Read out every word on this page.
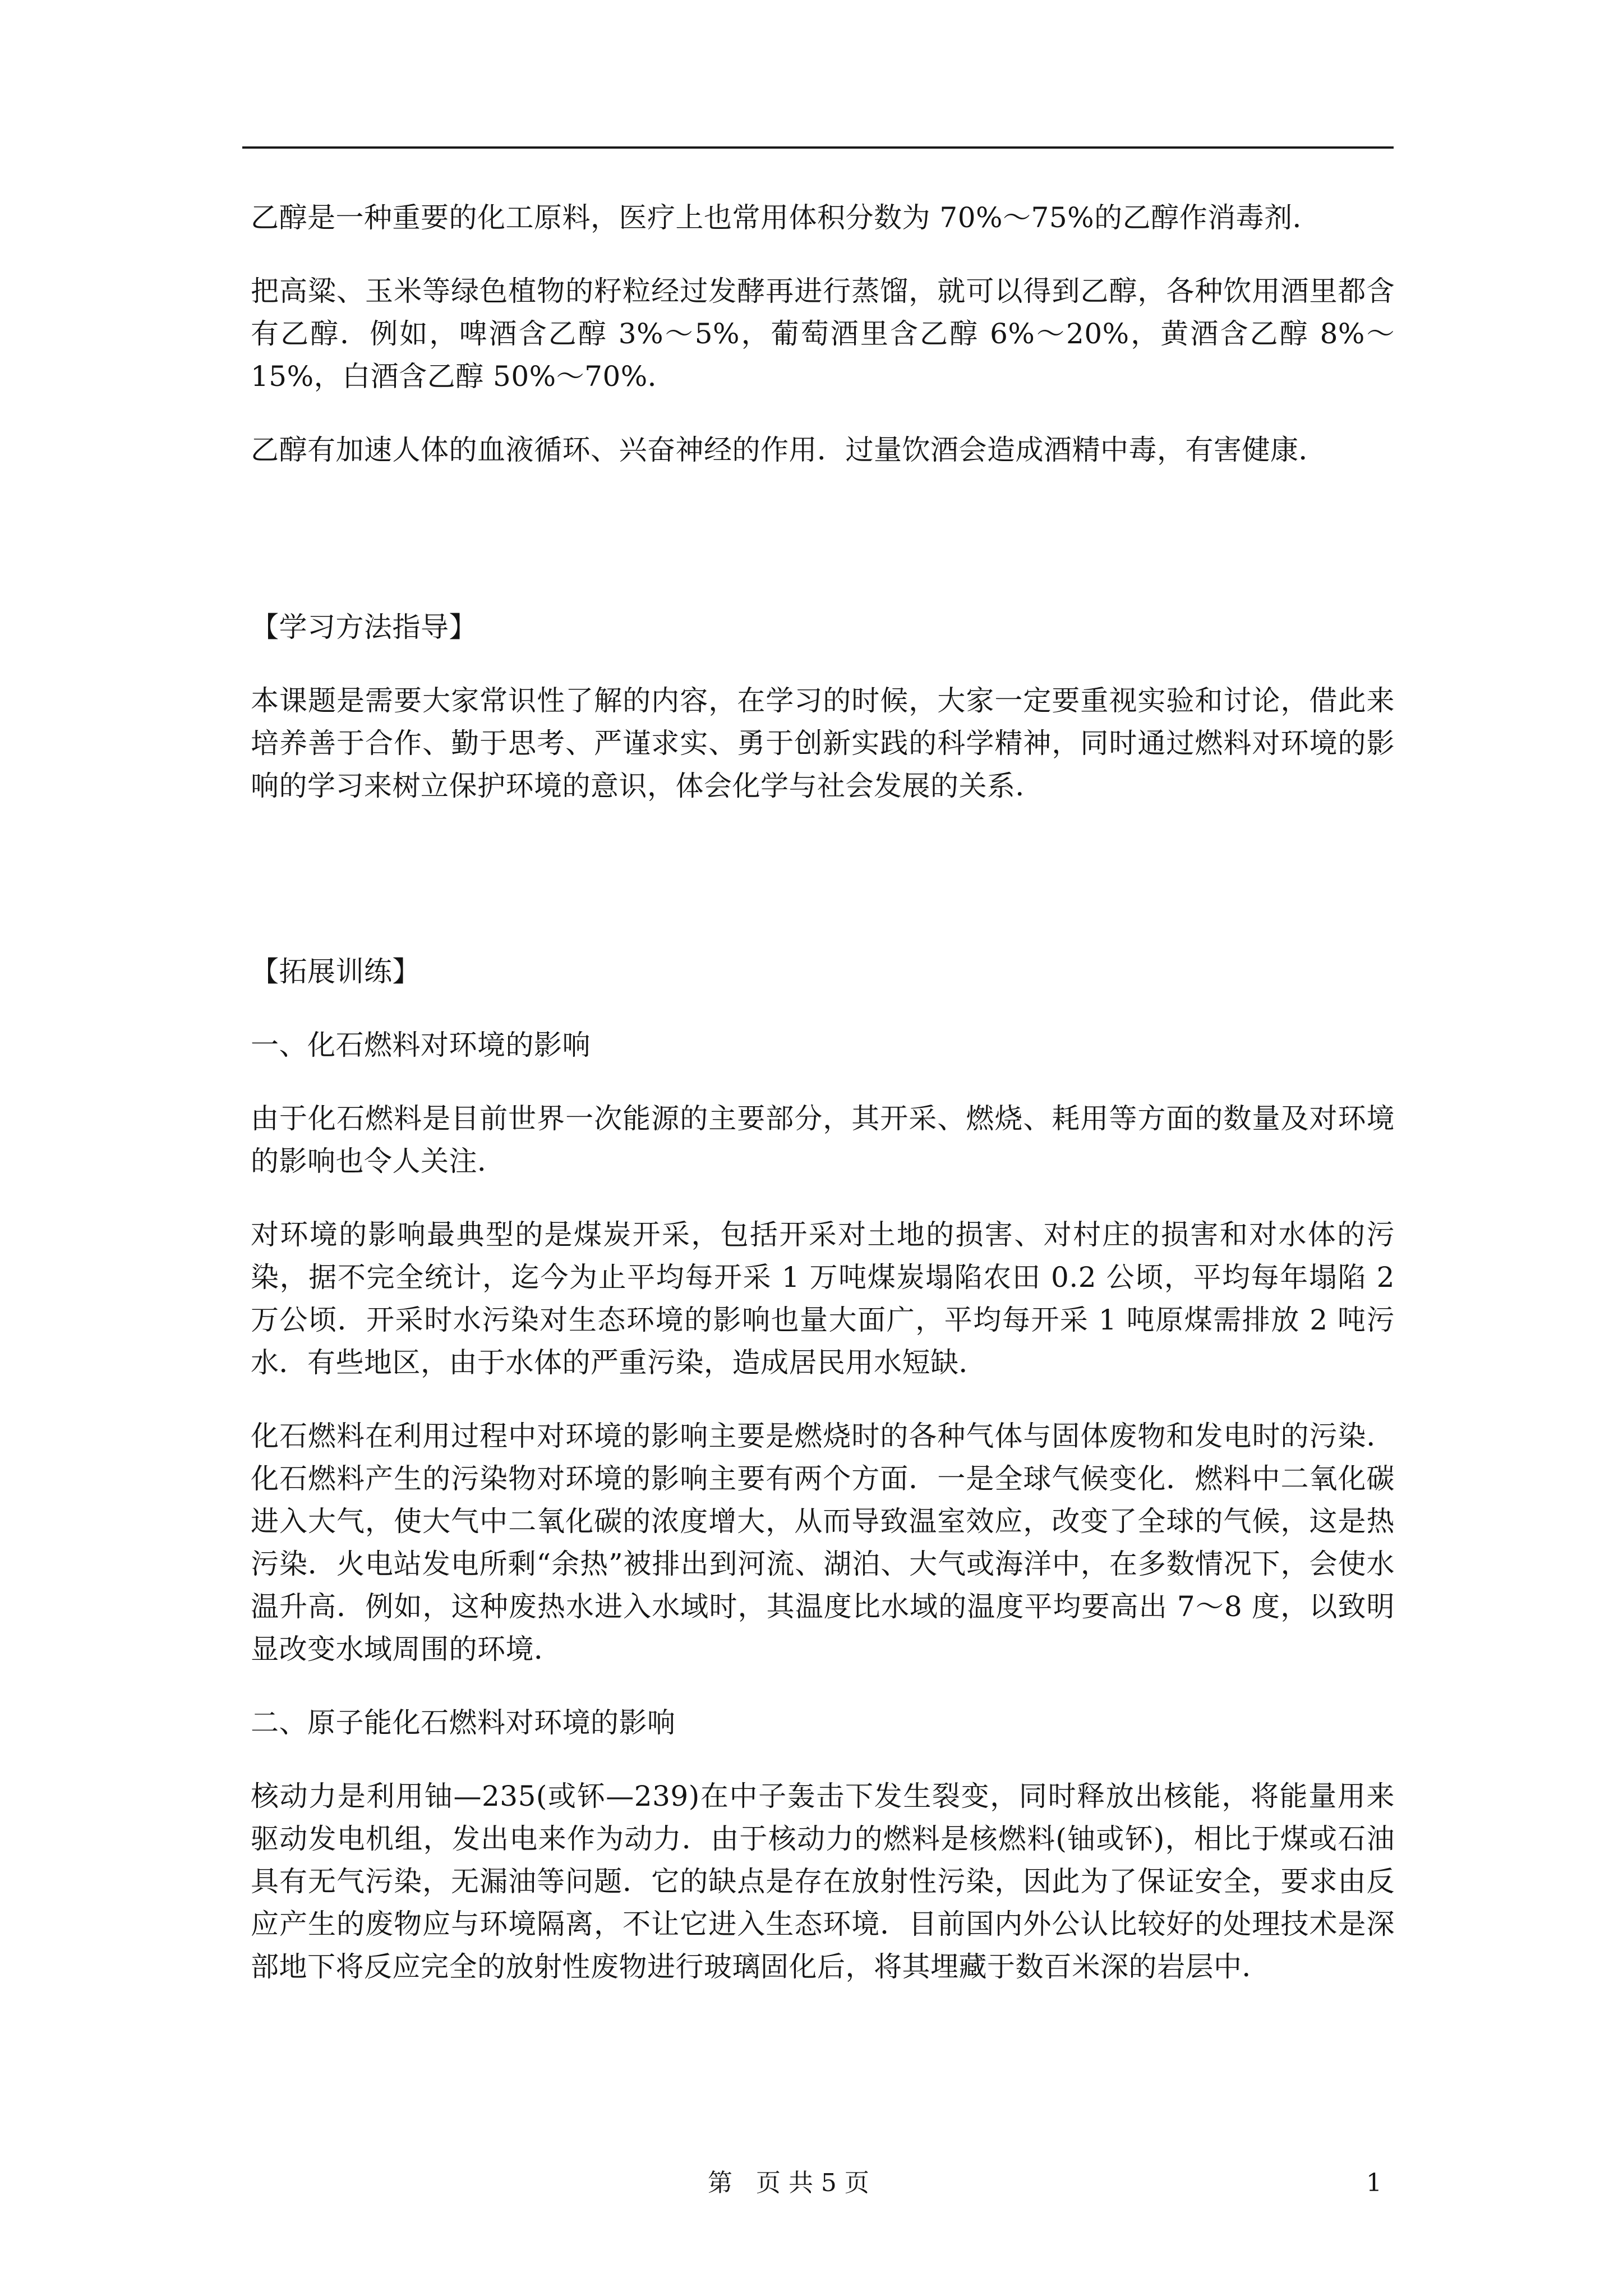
乙醇是一种重要的化工原料，医疗上也常用体积分数为 70%～75%的乙醇作消毒剂．

把高粱、玉米等绿色植物的籽粒经过发酵再进行蒸馏，就可以得到乙醇，各种饮用酒里都含有乙醇．例如，啤酒含乙醇 3%～5%，葡萄酒里含乙醇 6%～20%，黄酒含乙醇 8%～15%，白酒含乙醇 50%～70%．

乙醇有加速人体的血液循环、兴奋神经的作用．过量饮酒会造成酒精中毒，有害健康．

【学习方法指导】

本课题是需要大家常识性了解的内容，在学习的时候，大家一定要重视实验和讨论，借此来培养善于合作、勤于思考、严谨求实、勇于创新实践的科学精神，同时通过燃料对环境的影响的学习来树立保护环境的意识，体会化学与社会发展的关系．

【拓展训练】

一、化石燃料对环境的影响

由于化石燃料是目前世界一次能源的主要部分，其开采、燃烧、耗用等方面的数量及对环境的影响也令人关注．

对环境的影响最典型的是煤炭开采，包括开采对土地的损害、对村庄的损害和对水体的污染，据不完全统计，迄今为止平均每开采 1 万吨煤炭塌陷农田 0.2 公顷，平均每年塌陷 2 万公顷．开采时水污染对生态环境的影响也量大面广，平均每开采 1 吨原煤需排放 2 吨污水．有些地区，由于水体的严重污染，造成居民用水短缺．

化石燃料在利用过程中对环境的影响主要是燃烧时的各种气体与固体废物和发电时的污染．化石燃料产生的污染物对环境的影响主要有两个方面．一是全球气候变化．燃料中二氧化碳进入大气，使大气中二氧化碳的浓度增大，从而导致温室效应，改变了全球的气候，这是热污染．火电站发电所剩“余热”被排出到河流、湖泊、大气或海洋中，在多数情况下，会使水温升高．例如，这种废热水进入水域时，其温度比水域的温度平均要高出 7～8 度，以致明显改变水域周围的环境．

二、原子能化石燃料对环境的影响

核动力是利用铀—235(或钚—239)在中子轰击下发生裂变，同时释放出核能，将能量用来驱动发电机组，发出电来作为动力．由于核动力的燃料是核燃料(铀或钚)，相比于煤或石油具有无气污染，无漏油等问题．它的缺点是存在放射性污染，因此为了保证安全，要求由反应产生的废物应与环境隔离，不让它进入生态环境．目前国内外公认比较好的处理技术是深部地下将反应完全的放射性废物进行玻璃固化后，将其埋藏于数百米深的岩层中．

第   页 共 5 页	1
